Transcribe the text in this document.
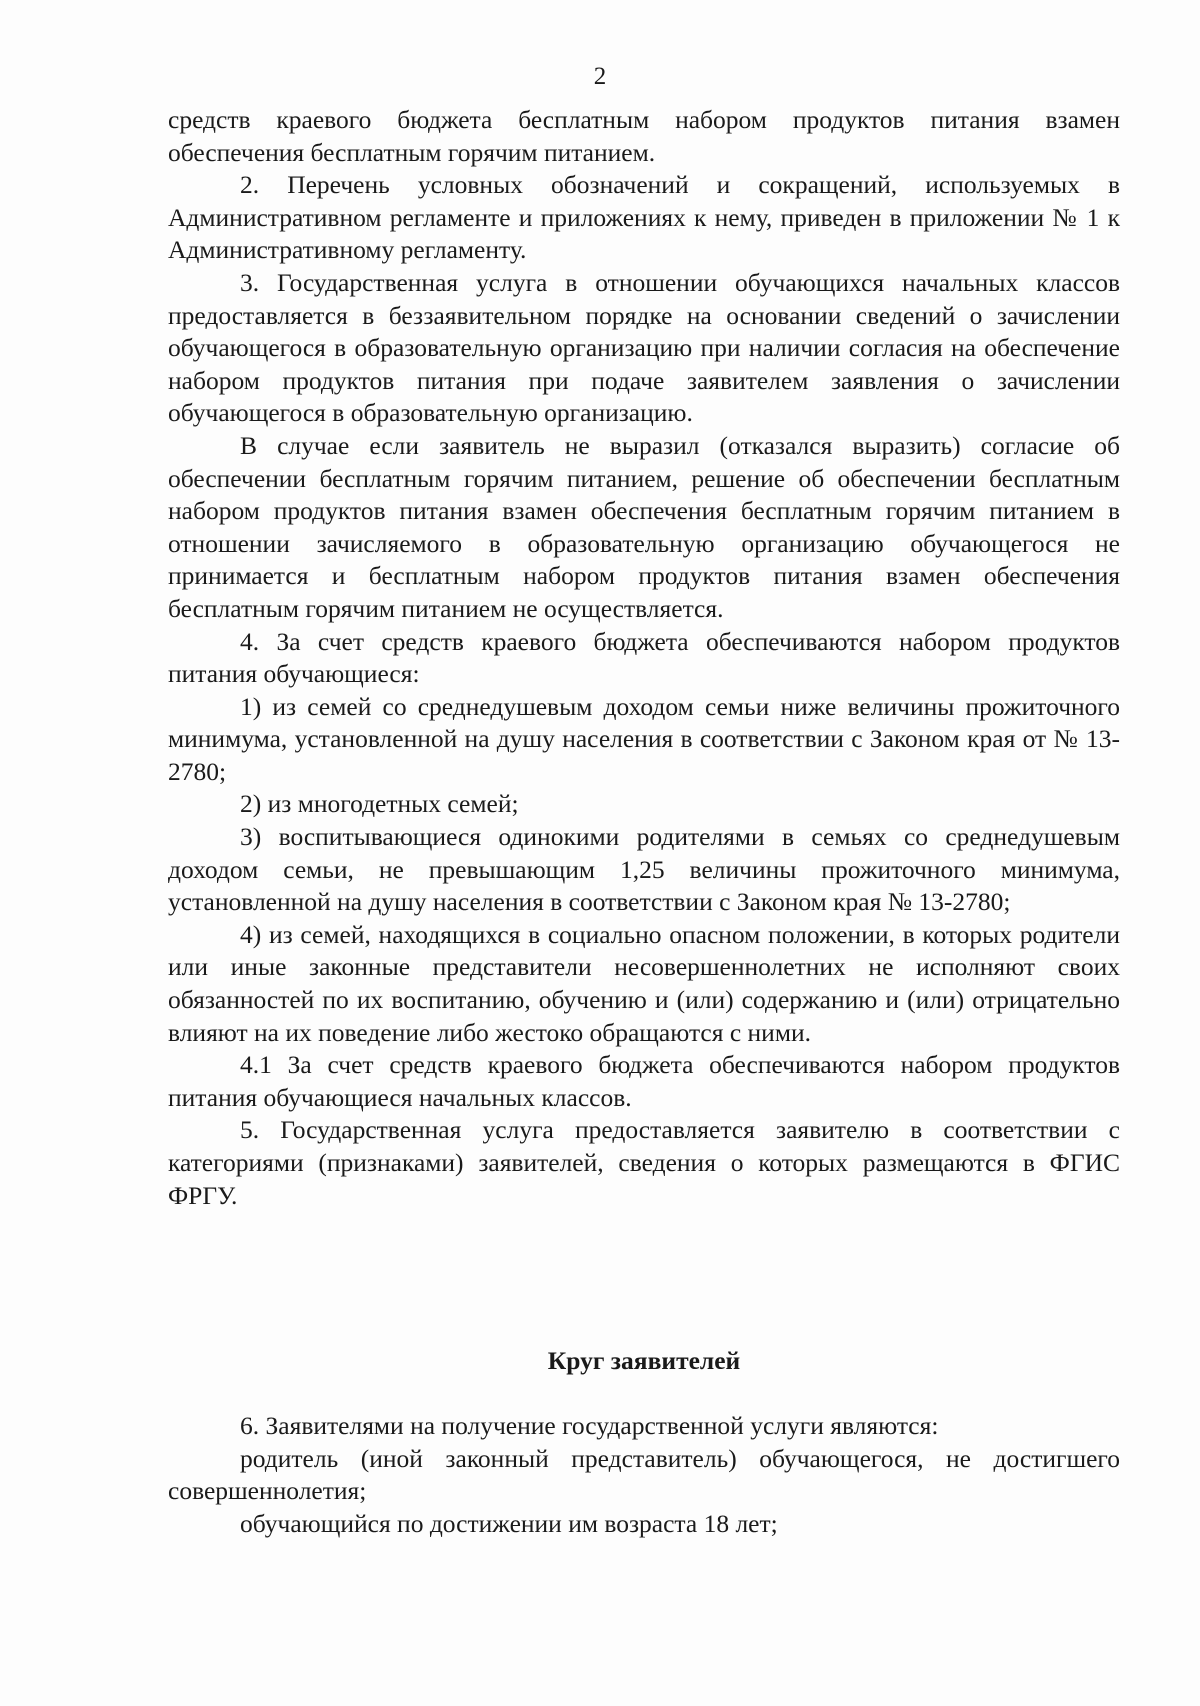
2

средств краевого бюджета бесплатным набором продуктов питания взамен обеспечения бесплатным горячим питанием.

2. Перечень условных обозначений и сокращений, используемых в Административном регламенте и приложениях к нему, приведен в приложении № 1 к Административному регламенту.

3. Государственная услуга в отношении обучающихся начальных классов предоставляется в беззаявительном порядке на основании сведений о зачислении обучающегося в образовательную организацию при наличии согласия на обеспечение набором продуктов питания при подаче заявителем заявления о зачислении обучающегося в образовательную организацию.

В случае если заявитель не выразил (отказался выразить) согласие об обеспечении бесплатным горячим питанием, решение об обеспечении бесплатным набором продуктов питания взамен обеспечения бесплатным горячим питанием в отношении зачисляемого в образовательную организацию обучающегося не принимается и бесплатным набором продуктов питания взамен обеспечения бесплатным горячим питанием не осуществляется.

4. За счет средств краевого бюджета обеспечиваются набором продуктов питания обучающиеся:

1) из семей со среднедушевым доходом семьи ниже величины прожиточного минимума, установленной на душу населения в соответствии с Законом края от № 13-2780;

2) из многодетных семей;

3) воспитывающиеся одинокими родителями в семьях со среднедушевым доходом семьи, не превышающим 1,25 величины прожиточного минимума, установленной на душу населения в соответствии с Законом края № 13-2780;

4) из семей, находящихся в социально опасном положении, в которых родители или иные законные представители несовершеннолетних не исполняют своих обязанностей по их воспитанию, обучению и (или) содержанию и (или) отрицательно влияют на их поведение либо жестоко обращаются с ними.

4.1 За счет средств краевого бюджета обеспечиваются набором продуктов питания обучающиеся начальных классов.

5. Государственная услуга предоставляется заявителю в соответствии с категориями (признаками) заявителей, сведения о которых размещаются в ФГИС ФРГУ.

Круг заявителей

6. Заявителями на получение государственной услуги являются:

родитель (иной законный представитель) обучающегося, не достигшего совершеннолетия;

обучающийся по достижении им возраста 18 лет;
